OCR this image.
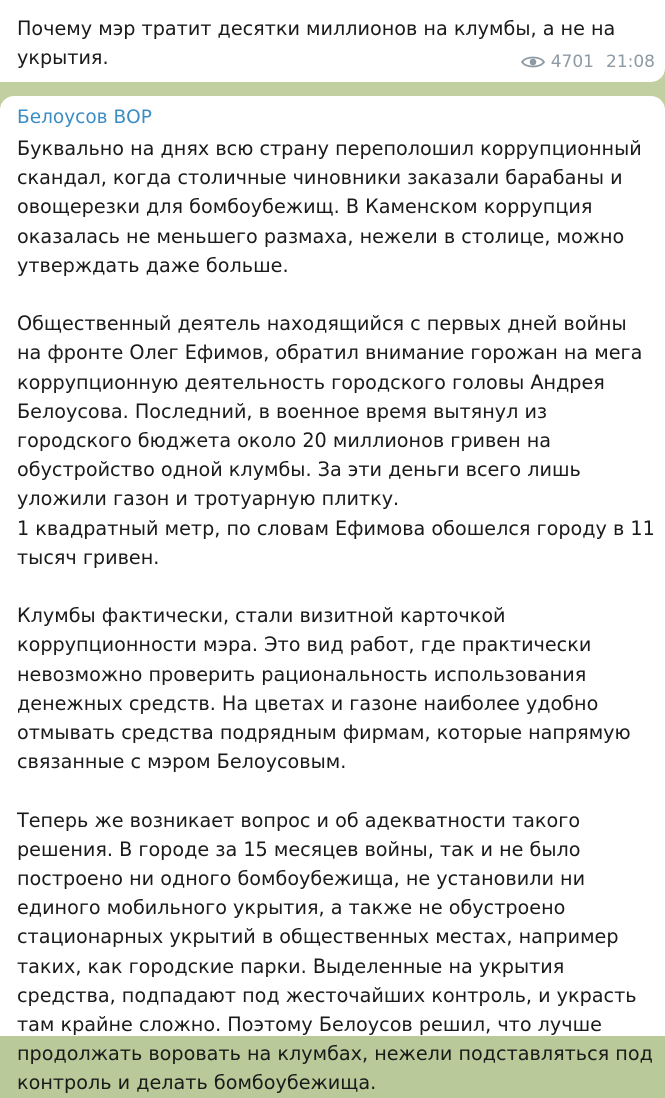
Почему мэр тратит десятки миллионов на клумбы, а не на укрытия.	4701 21:08
Белоусов ВОР

Буквально на днях всю страну переполошил коррупционный скандал, когда столичные чиновники заказали барабаны и овощерезки для бомбоубежищ. В Каменском коррупция оказалась не меньшего размаха, нежели в столице, можно утверждать даже больше.

Общественный деятель находящийся с первых дней войны на фронте Олег Ефимов, обратил внимание горожан на мега коррупционную деятельность городского головы Андрея Белоусова. Последний, в военное время вытянул из городского бюджета около 20 миллионов гривен на обустройство одной клумбы. За эти деньги всего лишь уложили газон и тротуарную плитку.
1 квадратный метр, по словам Ефимова обошелся городу в 11 тысяч гривен.

Клумбы фактически, стали визитной карточкой коррупционности мэра. Это вид работ, где практически невозможно проверить рациональность использования денежных средств. На цветах и газоне наиболее удобно отмывать средства подрядным фирмам, которые напрямую связанные с мэром Белоусовым.

Теперь же возникает вопрос и об адекватности такого решения. В городе за 15 месяцев войны, так и не было построено ни одного бомбоубежища, не установили ни единого мобильного укрытия, а также не обустроено стационарных укрытий в общественных местах, например таких, как городские парки. Выделенные на укрытия средства, подпадают под жесточайших контроль, и украсть там крайне сложно. Поэтому Белоусов решил, что лучше продолжать воровать на клумбах, нежели подставляться под контроль и делать бомбоубежища.
